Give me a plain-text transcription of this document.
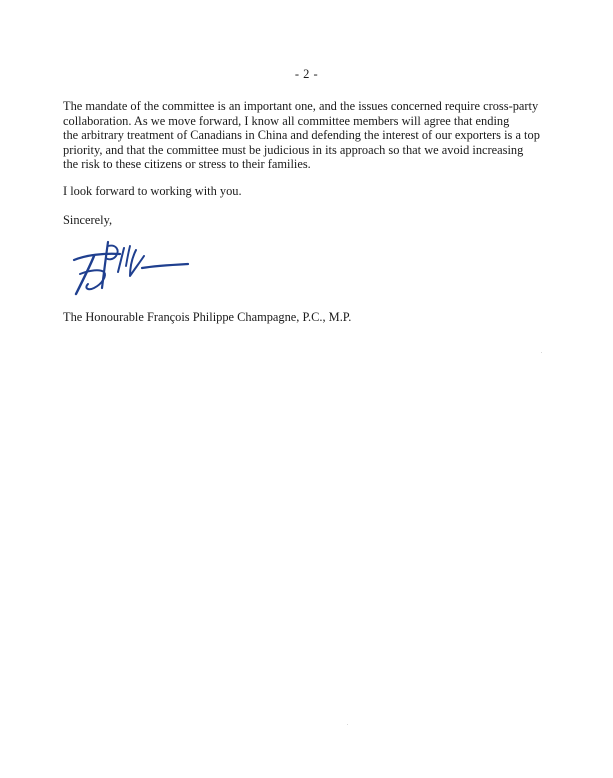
- 2 -
The mandate of the committee is an important one, and the issues concerned require cross-party
collaboration. As we move forward, I know all committee members will agree that ending
the arbitrary treatment of Canadians in China and defending the interest of our exporters is a top
priority, and that the committee must be judicious in its approach so that we avoid increasing
the risk to these citizens or stress to their families.
I look forward to working with you.
Sincerely,
The Honourable François Philippe Champagne, P.C., M.P.
